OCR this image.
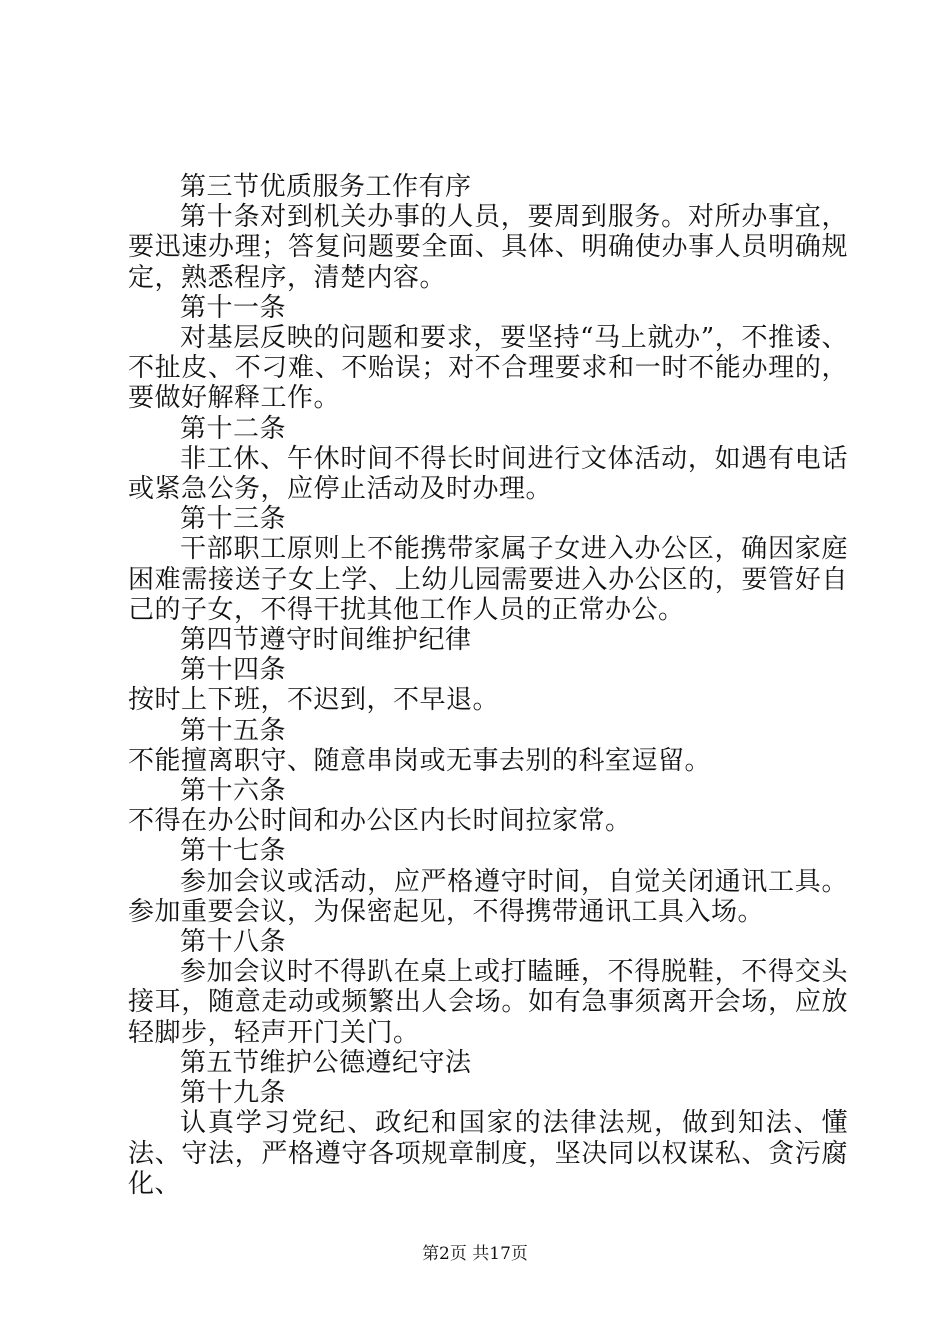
第三节优质服务工作有序

第十条对到机关办事的人员，要周到服务。对所办事宜，要迅速办理；答复问题要全面、具体、明确使办事人员明确规定，熟悉程序，清楚内容。

第十一条

对基层反映的问题和要求，要坚持“马上就办”，不推诿、不扯皮、不刁难、不贻误；对不合理要求和一时不能办理的，要做好解释工作。

第十二条

非工休、午休时间不得长时间进行文体活动，如遇有电话或紧急公务，应停止活动及时办理。

第十三条

干部职工原则上不能携带家属子女进入办公区，确因家庭困难需接送子女上学、上幼儿园需要进入办公区的，要管好自己的子女，不得干扰其他工作人员的正常办公。

第四节遵守时间维护纪律

第十四条

按时上下班，不迟到，不早退。

第十五条

不能擅离职守、随意串岗或无事去别的科室逗留。

第十六条

不得在办公时间和办公区内长时间拉家常。

第十七条

参加会议或活动，应严格遵守时间，自觉关闭通讯工具。参加重要会议，为保密起见，不得携带通讯工具入场。

第十八条

参加会议时不得趴在桌上或打瞌睡，不得脱鞋，不得交头接耳，随意走动或频繁出人会场。如有急事须离开会场，应放轻脚步，轻声开门关门。

第五节维护公德遵纪守法

第十九条

认真学习党纪、政纪和国家的法律法规，做到知法、懂法、守法，严格遵守各项规章制度，坚决同以权谋私、贪污腐化、

第2页 共17页
